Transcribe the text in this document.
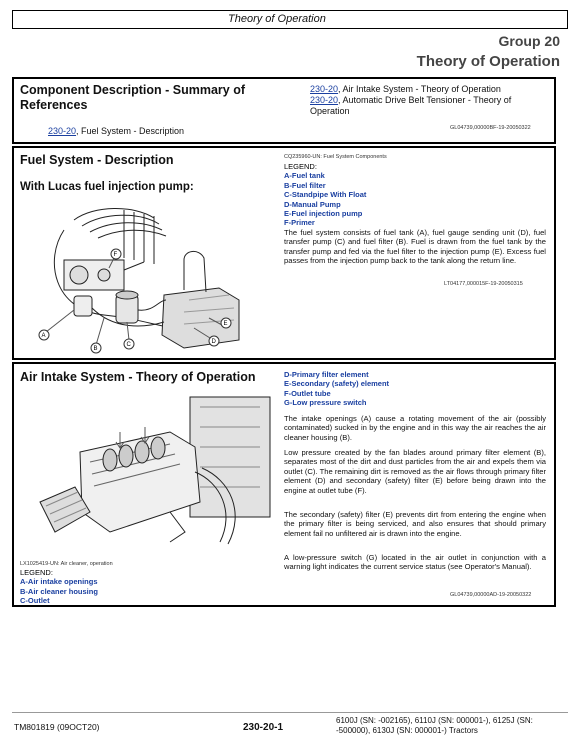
Theory of Operation
Group 20
Theory of Operation
Component Description - Summary of References
230-20, Air Intake System - Theory of Operation
230-20, Automatic Drive Belt Tensioner - Theory of Operation
230-20, Fuel System - Description	GL04739,00000BF-19-20050322
Fuel System - Description
With Lucas fuel injection pump:
A
B
C	D
E
F
CQ235960-UN: Fuel System Components
LEGEND:
A-Fuel tank
B-Fuel filter
C-Standpipe With Float
D-Manual Pump
E-Fuel injection pump
F-Primer
The fuel system consists of fuel tank (A), fuel gauge sending unit (D), fuel transfer pump (C) and fuel filter (B). Fuel is drawn from the fuel tank by the transfer pump and fed via the fuel filter to the injection pump (E). Excess fuel passes from the injection pump back to the tank along the return line.
LT04177,000015F-19-20050315
Air Intake System - Theory of Operation	D-Primary filter element
E-Secondary (safety) element
F-Outlet tube
G-Low pressure switch
The intake openings (A) cause a rotating movement of the air (possibly contaminated) sucked in by the engine and in this way the air reaches the air cleaner housing (B).
Low pressure created by the fan blades around primary filter element (B), separates most of the dirt and dust particles from the air and expels them via outlet (C). The remaining dirt is removed as the air flows through primary filter element (D) and secondary (safety) filter (E) before being drawn into the engine at outlet tube (F).
The secondary (safety) filter (E) prevents dirt from entering the engine when the primary filter is being serviced, and also ensures that should primary element fail no unfiltered air is drawn into the engine.
A low-pressure switch (G) located in the air outlet in conjunction with a warning light indicates the current service status (see Operator's Manual).
LX1025419-UN: Air cleaner, operation
LEGEND:
A-Air intake openings
B-Air cleaner housing
C-Outlet
GL04739,00000AD-19-20050322
TM801819 (09OCT20)	230-20-1
6100J (SN: -002165), 6110J (SN: 000001-), 6125J (SN: -500000), 6130J (SN: 000001-) Tractors
